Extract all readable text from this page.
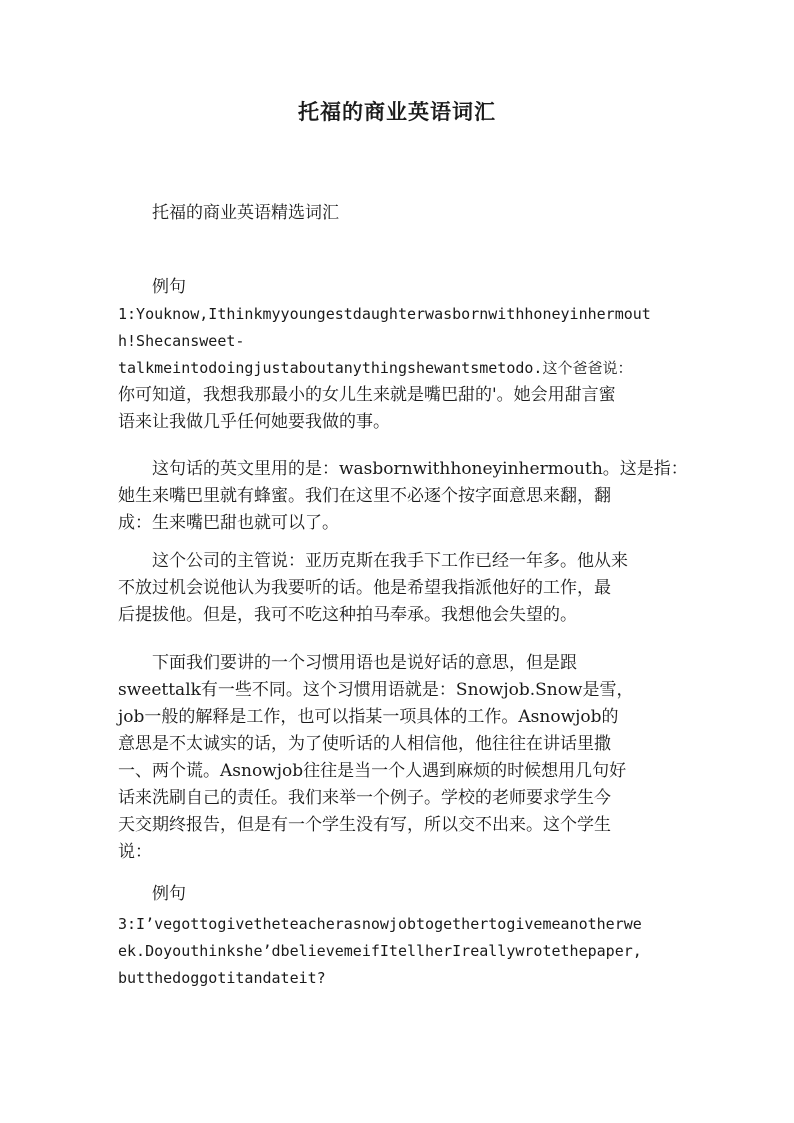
托福的商业英语词汇
托福的商业英语精选词汇
例句
1:Youknow,Ithinkmyyoungestdaughterwasbornwithhoneyinhermout
h!Shecansweet-
talkmeintodoingjustaboutanythingshewantsmetodo.这个爸爸说：
你可知道，我想我那最小的女儿生来就是嘴巴甜的'。她会用甜言蜜
语来让我做几乎任何她要我做的事。
这句话的英文里用的是：wasbornwithhoneyinhermouth。这是指：
她生来嘴巴里就有蜂蜜。我们在这里不必逐个按字面意思来翻，翻
成：生来嘴巴甜也就可以了。
这个公司的主管说：亚历克斯在我手下工作已经一年多。他从来
不放过机会说他认为我要听的话。他是希望我指派他好的工作，最
后提拔他。但是，我可不吃这种拍马奉承。我想他会失望的。
下面我们要讲的一个习惯用语也是说好话的意思，但是跟
sweettalk有一些不同。这个习惯用语就是：Snowjob.Snow是雪，
job一般的解释是工作，也可以指某一项具体的工作。Asnowjob的
意思是不太诚实的话，为了使听话的人相信他，他往往在讲话里撒
一、两个谎。Asnowjob往往是当一个人遇到麻烦的时候想用几句好
话来洗刷自己的责任。我们来举一个例子。学校的老师要求学生今
天交期终报告，但是有一个学生没有写，所以交不出来。这个学生
说：
例句
3:I’vegottogivetheteacherasnowjobtogethertogivemeanotherwe
ek.Doyouthinkshe’dbelievemeifItellherIreallywrotethepaper,
butthedoggotitandateit?
